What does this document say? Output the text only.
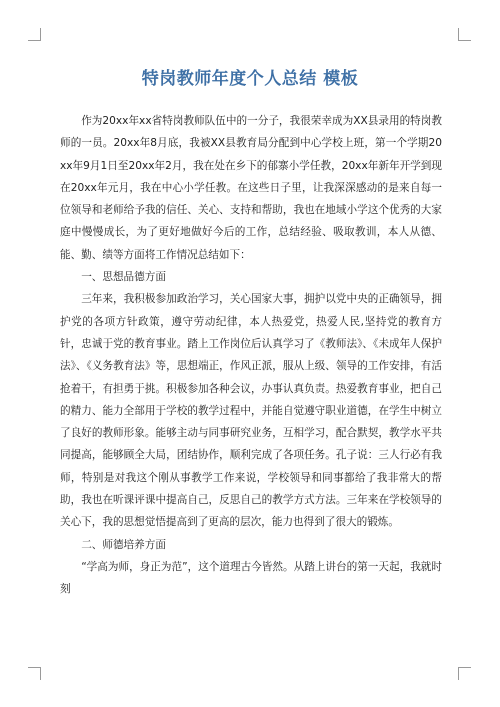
特岗教师年度个人总结 模板

作为20xx年xx省特岗教师队伍中的一分子，我很荣幸成为XX县录用的特岗教师的一员。20xx年8月底，我被XX县教育局分配到中心学校上班，第一个学期20xx年9月1日至20xx年2月，我在处在乡下的郁寨小学任教，20xx年新年开学到现在20xx年元月，我在中心小学任教。在这些日子里，让我深深感动的是来自每一位领导和老师给予我的信任、关心、支持和帮助，我也在地域小学这个优秀的大家庭中慢慢成长，为了更好地做好今后的工作，总结经验、吸取教训，本人从德、能、勤、绩等方面将工作情况总结如下：

一、思想品德方面

三年来，我积极参加政治学习，关心国家大事，拥护以党中央的正确领导，拥护党的各项方针政策，遵守劳动纪律，本人热爱党，热爱人民,坚持党的教育方针，忠诚于党的教育事业。踏上工作岗位后认真学习了《教师法》、《未成年人保护法》、《义务教育法》等，思想端正，作风正派，服从上级、领导的工作安排，有活抢着干，有担勇于挑。积极参加各种会议，办事认真负责。热爱教育事业，把自己的精力、能力全部用于学校的教学过程中，并能自觉遵守职业道德，在学生中树立了良好的教师形象。能够主动与同事研究业务，互相学习，配合默契，教学水平共同提高，能够顾全大局，团结协作，顺利完成了各项任务。孔子说：三人行必有我师，特别是对我这个刚从事教学工作来说，学校领导和同事都给了我非常大的帮助，我也在听课评课中提高自己，反思自己的教学方式方法。三年来在学校领导的关心下，我的思想觉悟提高到了更高的层次，能力也得到了很大的锻炼。

二、师德培养方面

“学高为师，身正为范”，这个道理古今皆然。从踏上讲台的第一天起，我就时刻
